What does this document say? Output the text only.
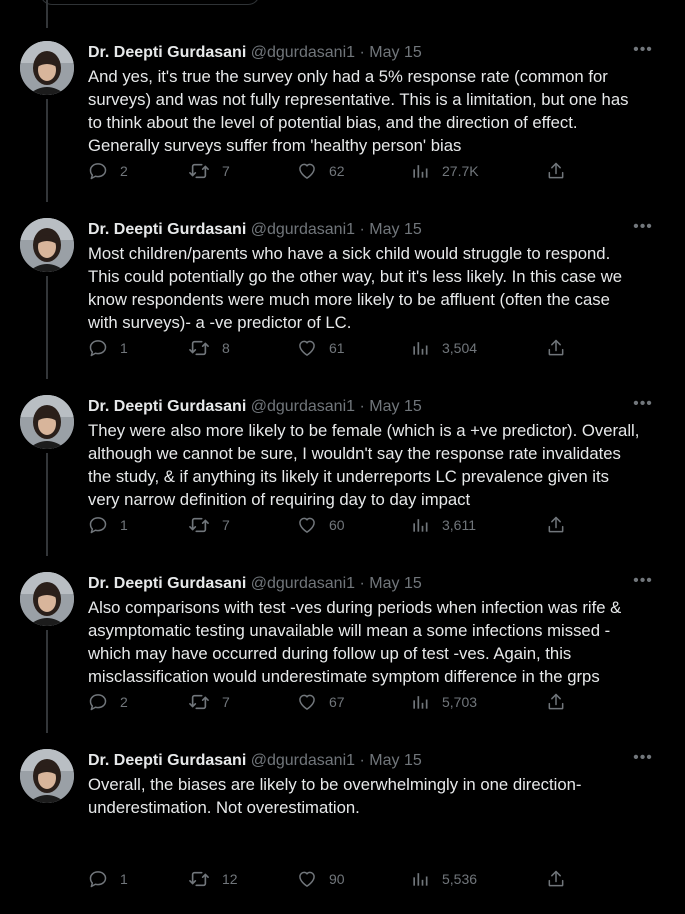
Dr. Deepti Gurdasani @dgurdasani1 · May 15	•••
And yes, it's true the survey only had a 5% response rate (common for
surveys) and was not fully representative. This is a limitation, but one has
to think about the level of potential bias, and the direction of effect.
Generally surveys suffer from 'healthy person' bias
2	7	62	27.7K
Dr. Deepti Gurdasani @dgurdasani1 · May 15	•••
Most children/parents who have a sick child would struggle to respond.
This could potentially go the other way, but it's less likely. In this case we
know respondents were much more likely to be affluent (often the case
with surveys)- a -ve predictor of LC.
1	8	61	3,504
Dr. Deepti Gurdasani @dgurdasani1 · May 15	•••
They were also more likely to be female (which is a +ve predictor). Overall,
although we cannot be sure, I wouldn't say the response rate invalidates
the study, & if anything its likely it underreports LC prevalence given its
very narrow definition of requiring day to day impact
1	7	60	3,611
Dr. Deepti Gurdasani @dgurdasani1 · May 15	•••
Also comparisons with test -ves during periods when infection was rife &
asymptomatic testing unavailable will mean a some infections missed -
which may have occurred during follow up of test -ves. Again, this
misclassification would underestimate symptom difference in the grps
2	7	67	5,703
Dr. Deepti Gurdasani @dgurdasani1 · May 15	•••
Overall, the biases are likely to be overwhelmingly in one direction-
underestimation. Not overestimation.
1	12	90	5,536
